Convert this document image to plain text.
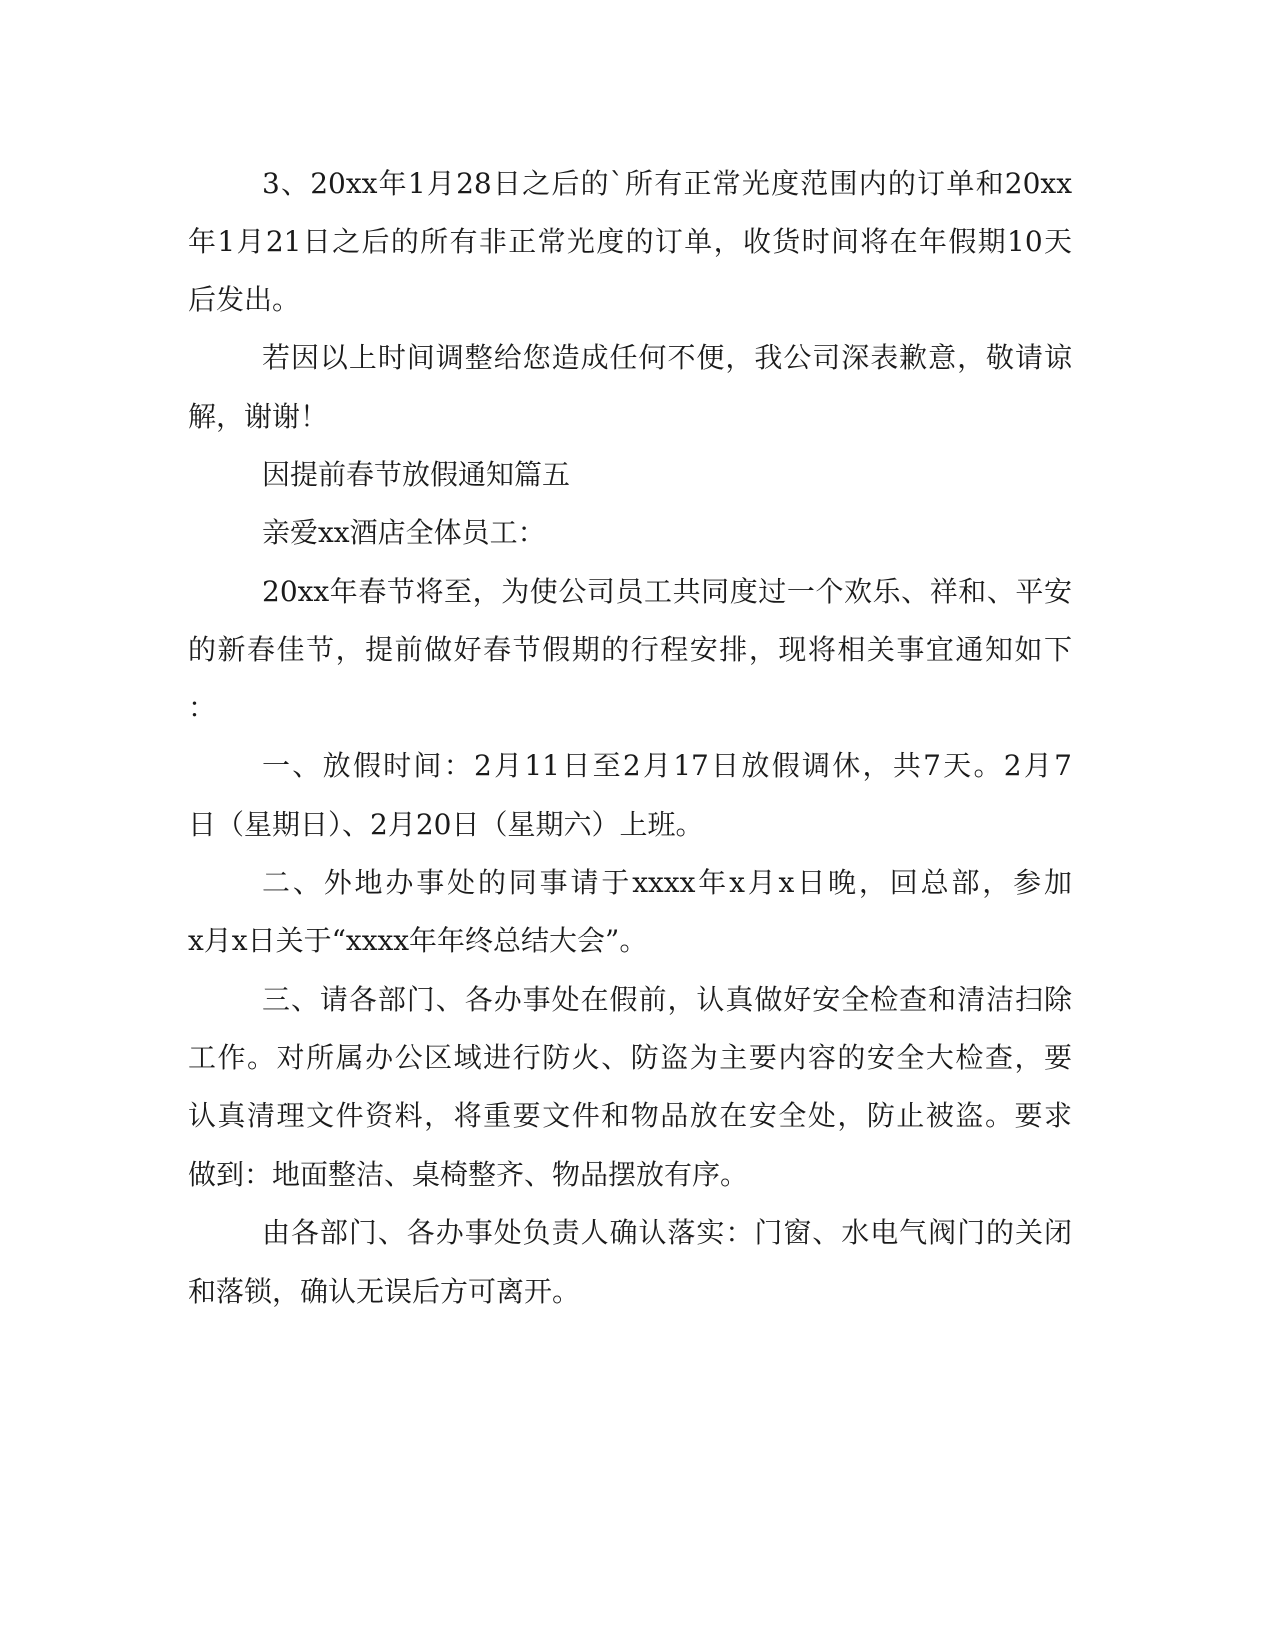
3、20xx年1月28日之后的`所有正常光度范围内的订单和20xx
年1月21日之后的所有非正常光度的订单，收货时间将在年假期10天
后发出。
若因以上时间调整给您造成任何不便，我公司深表歉意，敬请谅
解，谢谢！
因提前春节放假通知篇五
亲爱xx酒店全体员工：
20xx年春节将至，为使公司员工共同度过一个欢乐、祥和、平安
的新春佳节，提前做好春节假期的行程安排，现将相关事宜通知如下
：
一、放假时间：2月11日至2月17日放假调休，共7天。2月7
日（星期日）、2月20日（星期六）上班。
二、外地办事处的同事请于xxxx年x月x日晚，回总部，参加
x月x日关于“xxxx年年终总结大会”。
三、请各部门、各办事处在假前，认真做好安全检查和清洁扫除
工作。对所属办公区域进行防火、防盗为主要内容的安全大检查，要
认真清理文件资料，将重要文件和物品放在安全处，防止被盗。要求
做到：地面整洁、桌椅整齐、物品摆放有序。
由各部门、各办事处负责人确认落实：门窗、水电气阀门的关闭
和落锁，确认无误后方可离开。
